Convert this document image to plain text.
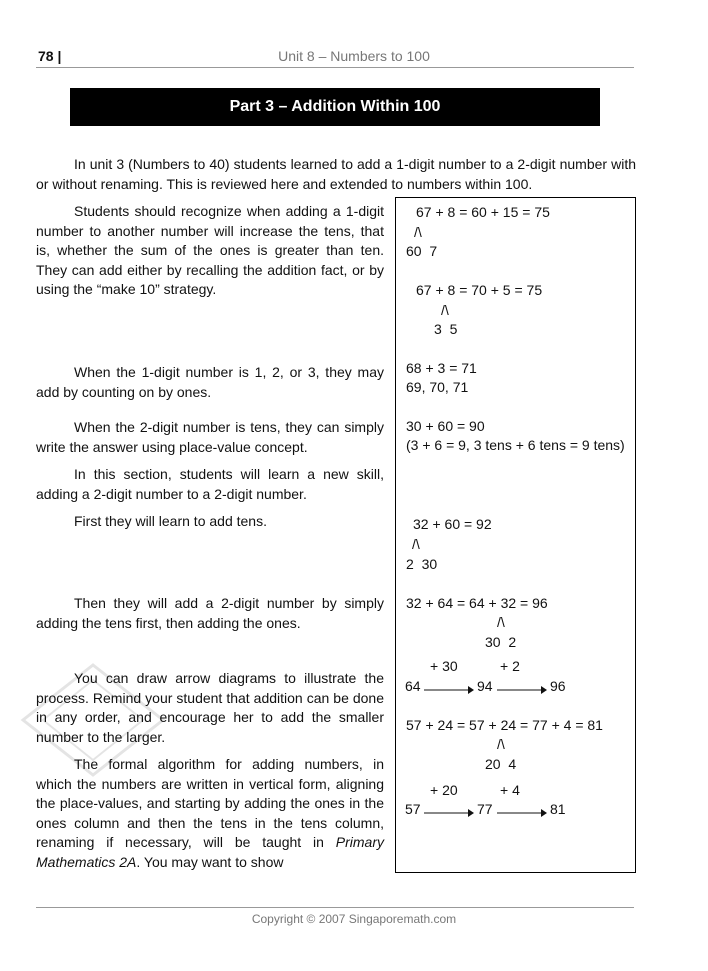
78 |	Unit 8 – Numbers to 100
Part 3 – Addition Within 100

In unit 3 (Numbers to 40) students learned to add a 1-digit number to a 2-digit number with or without renaming. This is reviewed here and extended to numbers within 100.

Students should recognize when adding a 1-digit number to another number will increase the tens, that is, whether the sum of the ones is greater than ten. They can add either by recalling the addition fact, or by using the “make 10” strategy.

When the 1-digit number is 1, 2, or 3, they may add by counting on by ones.

When the 2-digit number is tens, they can simply write the answer using place-value concept.

In this section, students will learn a new skill, adding a 2-digit number to a 2-digit number.

First they will learn to add tens.

Then they will add a 2-digit number by simply adding the tens first, then adding the ones.

You can draw arrow diagrams to illustrate the process. Remind your student that addition can be done in any order, and encourage her to add the smaller number to the larger.

The formal algorithm for adding numbers, in which the numbers are written in vertical form, aligning the place-values, and starting by adding the ones in the ones column and then the tens in the tens column, renaming if necessary, will be taught in Primary Mathematics 2A. You may want to show

67 + 8 = 60 + 15 = 75
/\
60  7
67 + 8 = 70 + 5 = 75
/\
3  5
68 + 3 = 71
69, 70, 71
30 + 60 = 90
(3 + 6 = 9, 3 tens + 6 tens = 9 tens)
32 + 60 = 92
/\
2  30
32 + 64 = 64 + 32 = 96
/\
30  2
+ 30	+ 2
64	94	96
57 + 24 = 57 + 24 = 77 + 4 = 81
/\
20  4
+ 20	+ 4
57	77	81
Copyright © 2007 Singaporemath.com
